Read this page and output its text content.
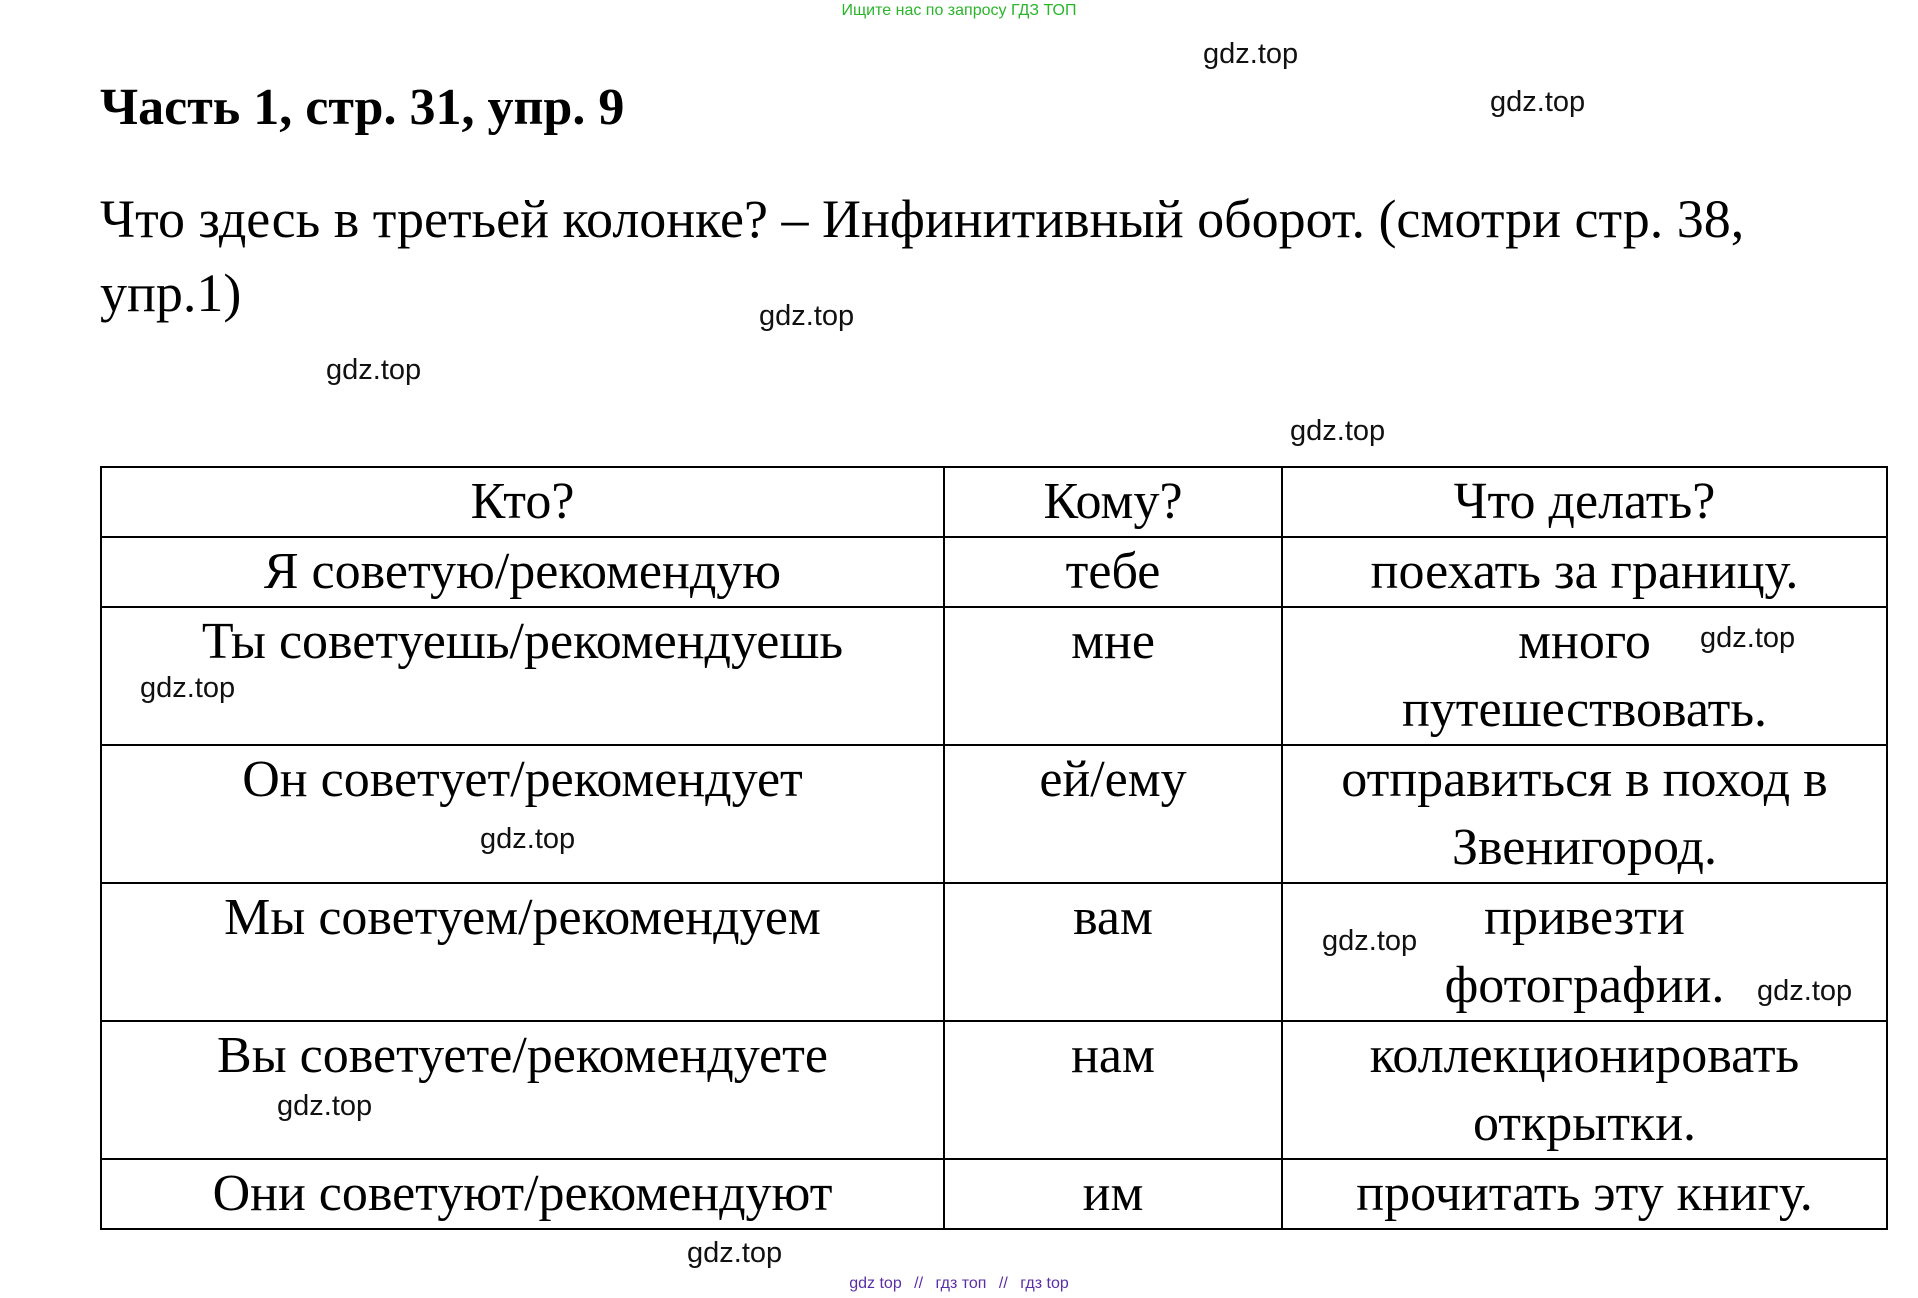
Ищите нас по запросу ГДЗ ТОП
Часть 1, стр. 31, упр. 9
Что здесь в третьей колонке? – Инфинитивный оборот. (смотри стр. 38, упр.1)
Кто?	Кому?	Что делать?
Я советую/рекомендую	тебе	поехать за границу.
Ты советуешь/рекомендуешь	мне	много путешествовать.
Он советует/рекомендует	ей/ему	отправиться в поход в Звенигород.
Мы советуем/рекомендуем	вам	привезти фотографии.
Вы советуете/рекомендуете	нам	коллекционировать открытки.
Они советуют/рекомендуют	им	прочитать эту книгу.
gdz.top
gdz.top
gdz.top
gdz.top
gdz.top
gdz.top
gdz.top
gdz.top
gdz.top
gdz.top
gdz.top
gdz.top
gdz top // гдз топ // гдз top
